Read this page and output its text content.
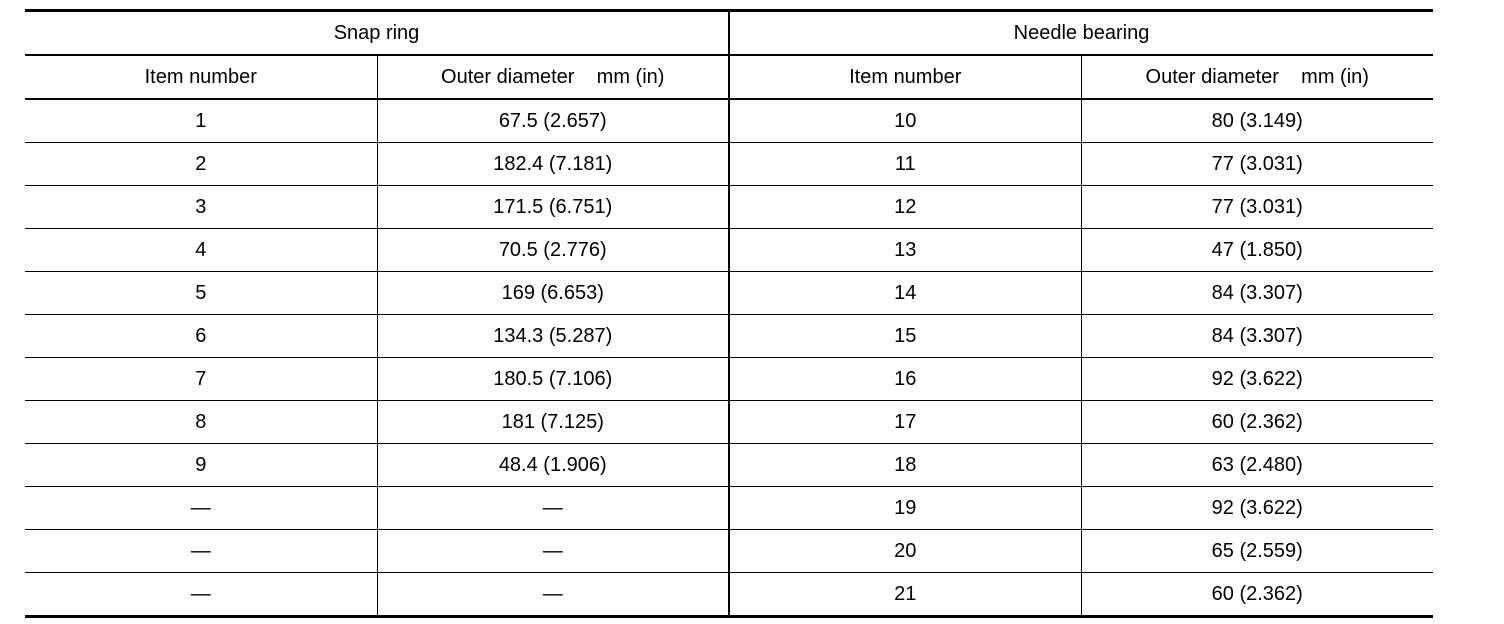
Snap ring		Needle bearing	
Item number	Outer diameter    mm (in)	Item number	Outer diameter    mm (in)
1	67.5 (2.657)	10	80 (3.149)
2	182.4 (7.181)	11	77 (3.031)
3	171.5 (6.751)	12	77 (3.031)
4	70.5 (2.776)	13	47 (1.850)
5	169 (6.653)	14	84 (3.307)
6	134.3 (5.287)	15	84 (3.307)
7	180.5 (7.106)	16	92 (3.622)
8	181 (7.125)	17	60 (2.362)
9	48.4 (1.906)	18	63 (2.480)
—	—	19	92 (3.622)
—	—	20	65 (2.559)
—	—	21	60 (2.362)
